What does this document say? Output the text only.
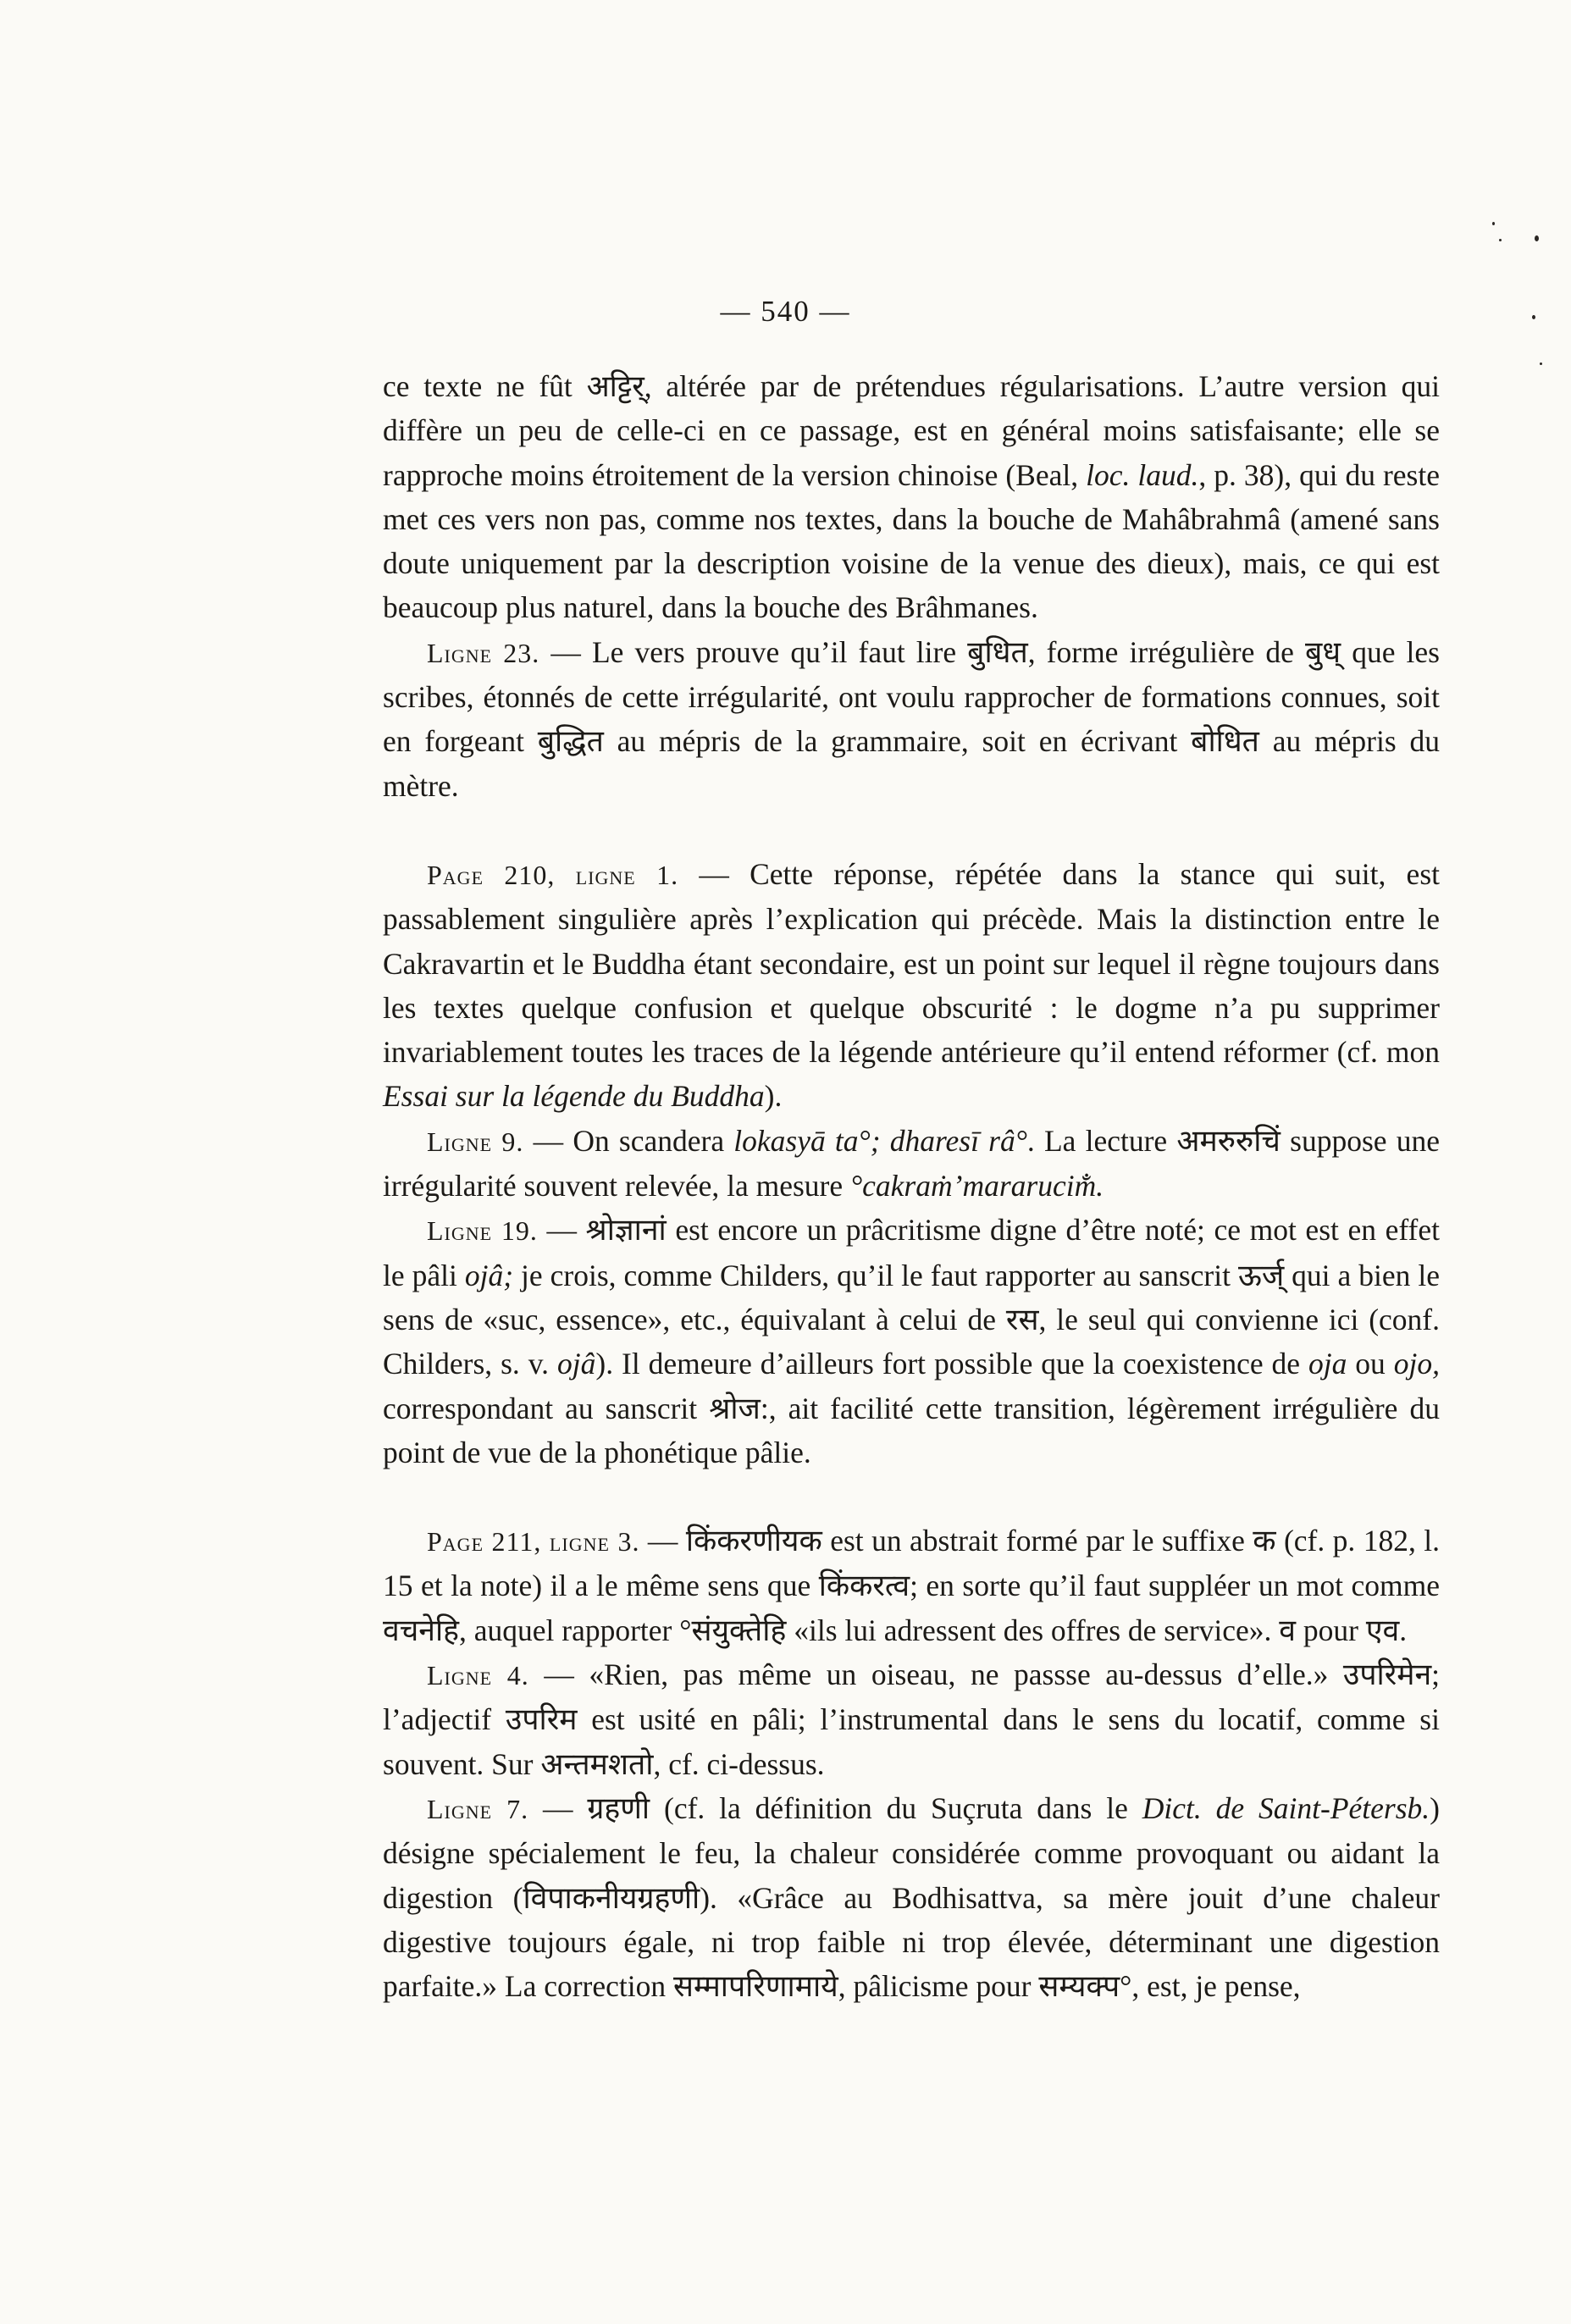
— 540 —

ce texte ne fût अट्टिर्, altérée par de prétendues régularisations. L’autre version qui diffère un peu de celle-ci en ce passage, est en général moins satisfaisante; elle se rapproche moins étroitement de la version chinoise (Beal, loc. laud., p. 38), qui du reste met ces vers non pas, comme nos textes, dans la bouche de Mahâbrahmâ (amené sans doute uniquement par la description voisine de la venue des dieux), mais, ce qui est beaucoup plus naturel, dans la bouche des Brâhmanes.

Ligne 23. — Le vers prouve qu’il faut lire बुधित, forme irrégulière de बुध् que les scribes, étonnés de cette irrégularité, ont voulu rapprocher de formations connues, soit en forgeant बुद्धित au mépris de la grammaire, soit en écrivant बोधित au mépris du mètre.

Page 210, ligne 1. — Cette réponse, répétée dans la stance qui suit, est passablement singulière après l’explication qui précède. Mais la distinction entre le Cakravartin et le Buddha étant secondaire, est un point sur lequel il règne toujours dans les textes quelque confusion et quelque obscurité : le dogme n’a pu supprimer invariablement toutes les traces de la légende antérieure qu’il entend réformer (cf. mon Essai sur la légende du Buddha).

Ligne 9. — On scandera lokasyā ta°; dharesī râ°. La lecture अमरुरुचिं suppose une irrégularité souvent relevée, la mesure °cakraṁ’mararucim̐.

Ligne 19. — श्रोज्ञानां est encore un prâcritisme digne d’être noté; ce mot est en effet le pâli ojâ; je crois, comme Childers, qu’il le faut rapporter au sanscrit ऊर्ज् qui a bien le sens de «suc, essence», etc., équivalant à celui de रस, le seul qui convienne ici (conf. Childers, s. v. ojâ). Il demeure d’ailleurs fort possible que la coexistence de oja ou ojo, correspondant au sanscrit श्रोज:, ait facilité cette transition, légèrement irrégulière du point de vue de la phonétique pâlie.

Page 211, ligne 3. — किंकरणीयक est un abstrait formé par le suffixe क (cf. p. 182, l. 15 et la note) il a le même sens que किंकरत्व; en sorte qu’il faut suppléer un mot comme वचनेहि, auquel rapporter °संयुक्तेहि «ils lui adressent des offres de service». व pour एव.

Ligne 4. — «Rien, pas même un oiseau, ne passse au-dessus d’elle.» उपरिमेन; l’adjectif उपरिम est usité en pâli; l’instrumental dans le sens du locatif, comme si souvent. Sur अन्तमशतो, cf. ci-dessus.

Ligne 7. — ग्रहणी (cf. la définition du Suçruta dans le Dict. de Saint-Pétersb.) désigne spécialement le feu, la chaleur considérée comme provoquant ou aidant la digestion (विपाकनीयग्रहणी). «Grâce au Bodhisattva, sa mère jouit d’une chaleur digestive toujours égale, ni trop faible ni trop élevée, déterminant une digestion parfaite.» La correction सम्मापरिणामाये, pâlicisme pour सम्यक्प°, est, je pense,
